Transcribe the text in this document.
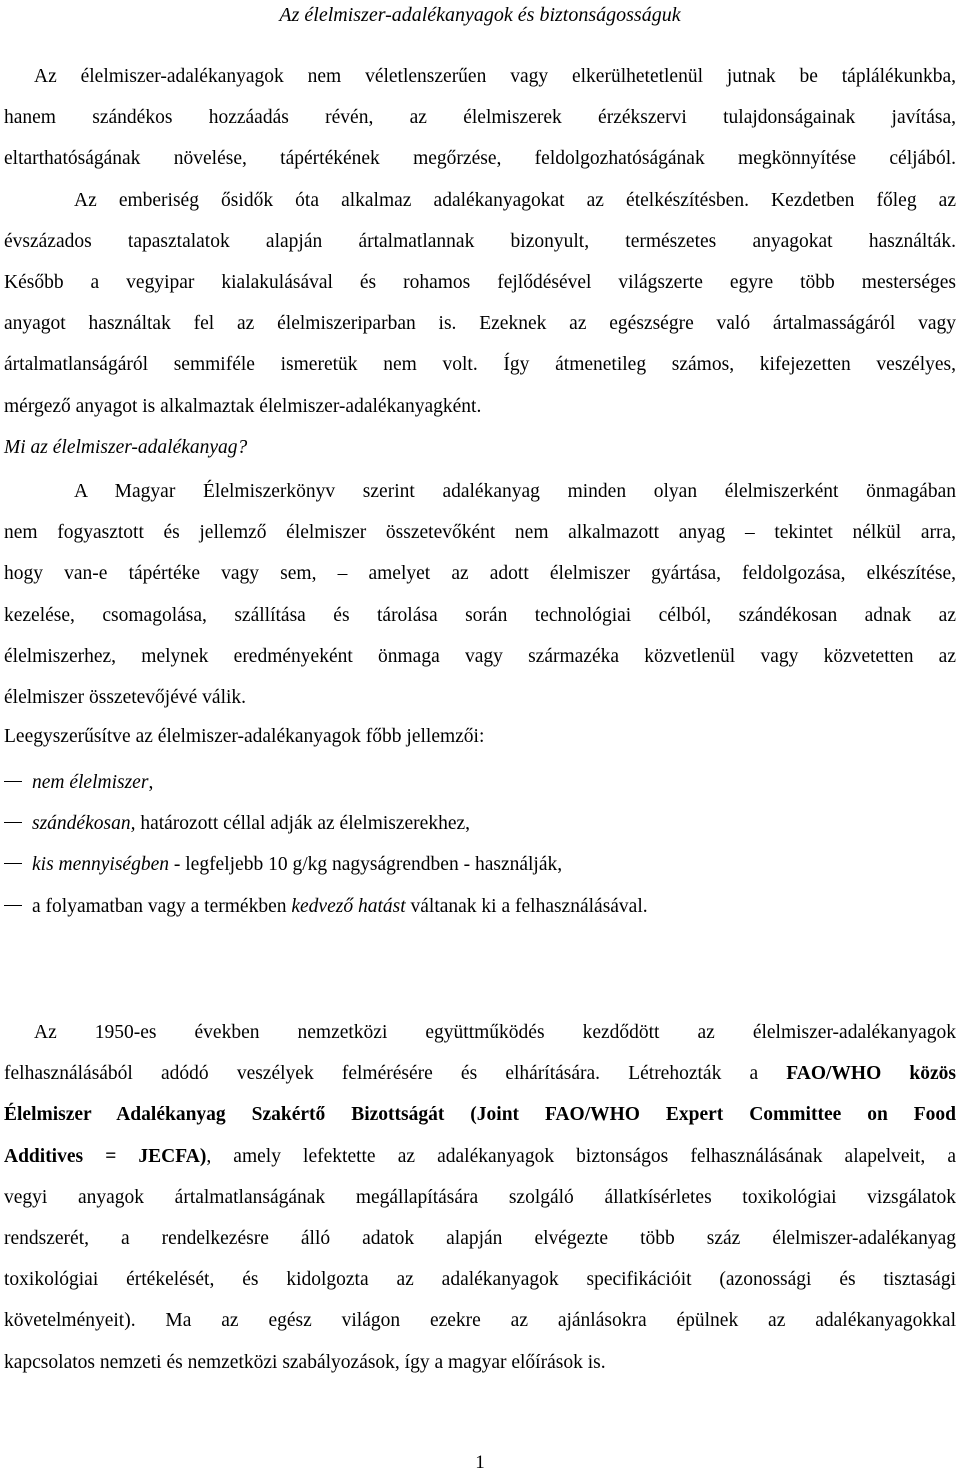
Az élelmiszer-adalékanyagok és biztonságosságuk
Az élelmiszer-adalékanyagok nem véletlenszerűen vagy elkerülhetetlenül jutnak be táplálékunkba,
hanem szándékos hozzáadás révén, az élelmiszerek érzékszervi tulajdonságainak javítása,
eltarthatóságának növelése, tápértékének megőrzése, feldolgozhatóságának megkönnyítése céljából.
Az emberiség ősidők óta alkalmaz adalékanyagokat az ételkészítésben. Kezdetben főleg az
évszázados tapasztalatok alapján ártalmatlannak bizonyult, természetes anyagokat használták.
Később a vegyipar kialakulásával és rohamos fejlődésével világszerte egyre több mesterséges
anyagot használtak fel az élelmiszeriparban is. Ezeknek az egészségre való ártalmasságáról vagy
ártalmatlanságáról semmiféle ismeretük nem volt. Így átmenetileg számos, kifejezetten veszélyes,
mérgező anyagot is alkalmaztak élelmiszer-adalékanyagként.
Mi az élelmiszer-adalékanyag?
A Magyar Élelmiszerkönyv szerint adalékanyag minden olyan élelmiszerként önmagában
nem fogyasztott és jellemző élelmiszer összetevőként nem alkalmazott anyag – tekintet nélkül arra,
hogy van-e tápértéke vagy sem, – amelyet az adott élelmiszer gyártása, feldolgozása, elkészítése,
kezelése, csomagolása, szállítása és tárolása során technológiai célból, szándékosan adnak az
élelmiszerhez, melynek eredményeként önmaga vagy származéka közvetlenül vagy közvetetten az
élelmiszer összetevőjévé válik.
Leegyszerűsítve az élelmiszer-adalékanyagok főbb jellemzői:
nem élelmiszer,
szándékosan, határozott céllal adják az élelmiszerekhez,
kis mennyiségben - legfeljebb 10 g/kg nagyságrendben - használják,
a folyamatban vagy a termékben kedvező hatást váltanak ki a felhasználásával.
Az 1950-es években nemzetközi együttműködés kezdődött az élelmiszer-adalékanyagok
felhasználásából adódó veszélyek felmérésére és elhárítására. Létrehozták a FAO/WHO közös
Élelmiszer Adalékanyag Szakértő Bizottságát (Joint FAO/WHO Expert Committee on Food
Additives = JECFA), amely lefektette az adalékanyagok biztonságos felhasználásának alapelveit, a
vegyi anyagok ártalmatlanságának megállapítására szolgáló állatkísérletes toxikológiai vizsgálatok
rendszerét, a rendelkezésre álló adatok alapján elvégezte több száz élelmiszer-adalékanyag
toxikológiai értékelését, és kidolgozta az adalékanyagok specifikációit (azonossági és tisztasági
követelményeit). Ma az egész világon ezekre az ajánlásokra épülnek az adalékanyagokkal
kapcsolatos nemzeti és nemzetközi szabályozások, így a magyar előírások is.
1
